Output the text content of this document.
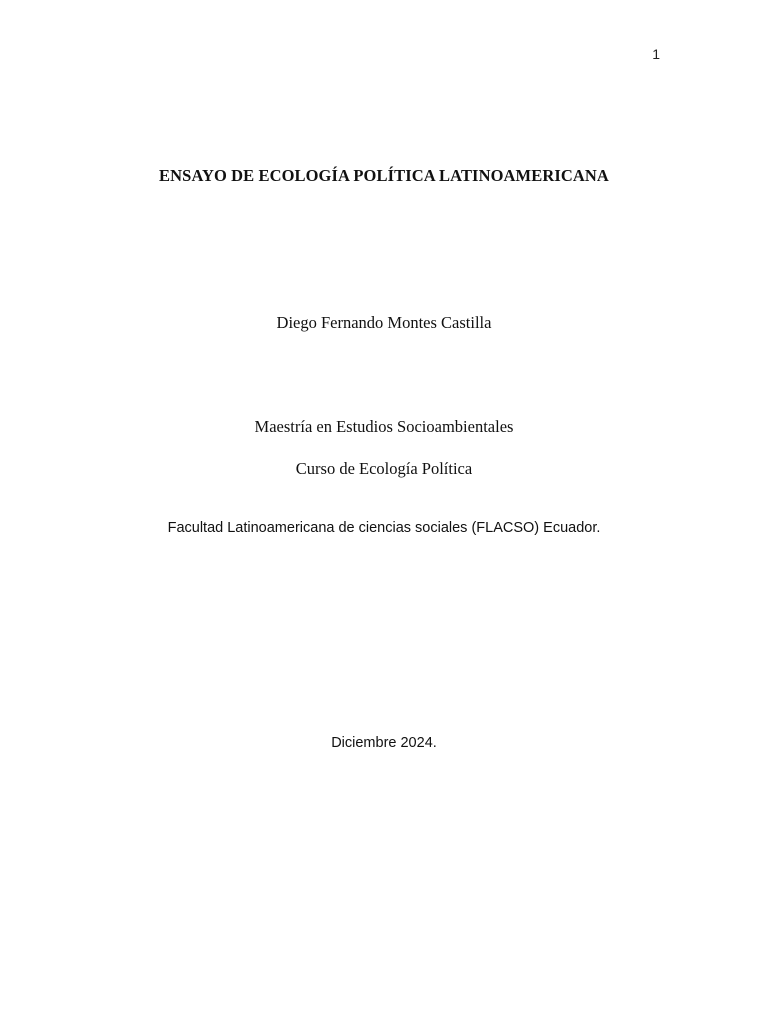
1
ENSAYO DE ECOLOGÍA POLÍTICA LATINOAMERICANA
Diego Fernando Montes Castilla
Maestría en Estudios Socioambientales
Curso de Ecología Política
Facultad Latinoamericana de ciencias sociales (FLACSO) Ecuador.
Diciembre 2024.
